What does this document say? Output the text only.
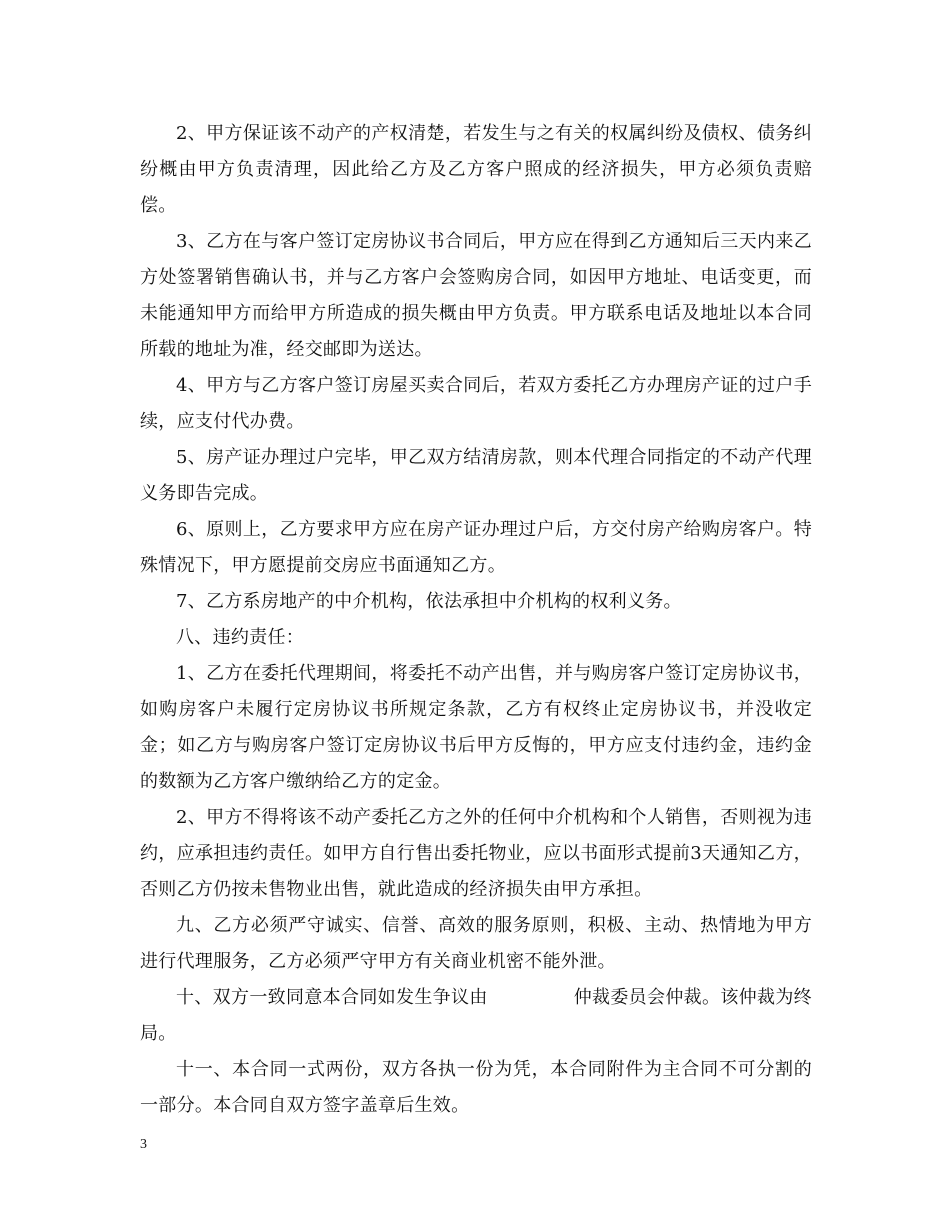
2、甲方保证该不动产的产权清楚，若发生与之有关的权属纠纷及债权、债务纠纷概由甲方负责清理，因此给乙方及乙方客户照成的经济损失，甲方必须负责赔偿。

3、乙方在与客户签订定房协议书合同后，甲方应在得到乙方通知后三天内来乙方处签署销售确认书，并与乙方客户会签购房合同，如因甲方地址、电话变更，而未能通知甲方而给甲方所造成的损失概由甲方负责。甲方联系电话及地址以本合同所载的地址为准，经交邮即为送达。

4、甲方与乙方客户签订房屋买卖合同后，若双方委托乙方办理房产证的过户手续，应支付代办费。

5、房产证办理过户完毕，甲乙双方结清房款，则本代理合同指定的不动产代理义务即告完成。

6、原则上，乙方要求甲方应在房产证办理过户后，方交付房产给购房客户。特殊情况下，甲方愿提前交房应书面通知乙方。

7、乙方系房地产的中介机构，依法承担中介机构的权利义务。

八、违约责任：

1、乙方在委托代理期间，将委托不动产出售，并与购房客户签订定房协议书，如购房客户未履行定房协议书所规定条款，乙方有权终止定房协议书，并没收定金；如乙方与购房客户签订定房协议书后甲方反悔的，甲方应支付违约金，违约金的数额为乙方客户缴纳给乙方的定金。

2、甲方不得将该不动产委托乙方之外的任何中介机构和个人销售，否则视为违约，应承担违约责任。如甲方自行售出委托物业，应以书面形式提前3天通知乙方，否则乙方仍按未售物业出售，就此造成的经济损失由甲方承担。

九、乙方必须严守诚实、信誉、高效的服务原则，积极、主动、热情地为甲方进行代理服务，乙方必须严守甲方有关商业机密不能外泄。

十、双方一致同意本合同如发生争议由	仲裁委员会仲裁。该仲裁为终局。

十一、本合同一式两份，双方各执一份为凭，本合同附件为主合同不可分割的一部分。本合同自双方签字盖章后生效。

3
